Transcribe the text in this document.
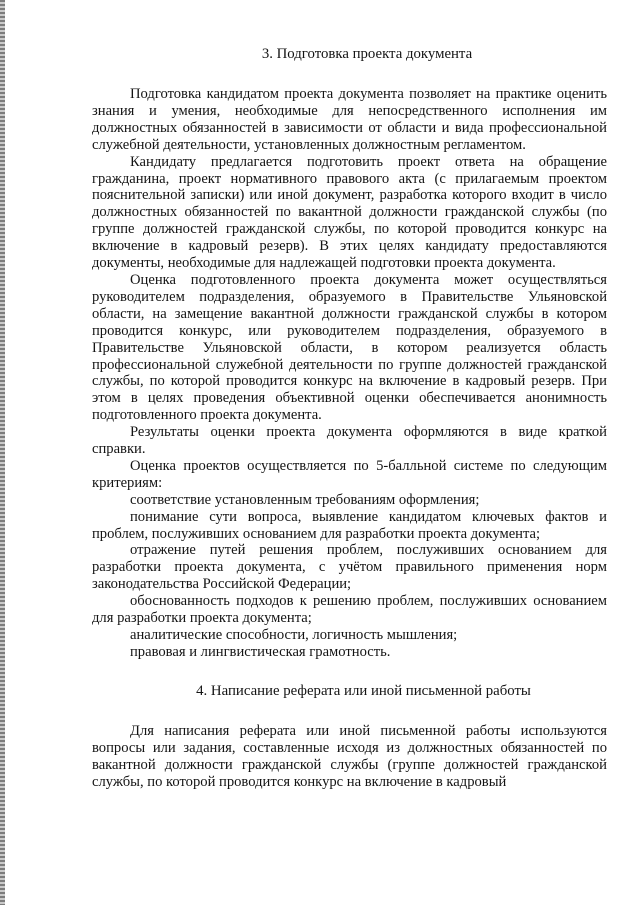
3. Подготовка проекта документа

Подготовка кандидатом проекта документа позволяет на практике оценить знания и умения, необходимые для непосредственного исполнения им должностных обязанностей в зависимости от области и вида профессиональной служебной деятельности, установленных должностным регламентом.

Кандидату предлагается подготовить проект ответа на обращение гражданина, проект нормативного правового акта (с прилагаемым проектом пояснительной записки) или иной документ, разработка которого входит в число должностных обязанностей по вакантной должности гражданской службы (по группе должностей гражданской службы, по которой проводится конкурс на включение в кадровый резерв). В этих целях кандидату предоставляются документы, необходимые для надлежащей подготовки проекта документа.

Оценка подготовленного проекта документа может осуществляться руководителем подразделения, образуемого в Правительстве Ульяновской области, на замещение вакантной должности гражданской службы в котором проводится конкурс, или руководителем подразделения, образуемого в Правительстве Ульяновской области, в котором реализуется область профессиональной служебной деятельности по группе должностей гражданской службы, по которой проводится конкурс на включение в кадровый резерв. При этом в целях проведения объективной оценки обеспечивается анонимность подготовленного проекта документа.

Результаты оценки проекта документа оформляются в виде краткой справки.

Оценка проектов осуществляется по 5-балльной системе по следующим критериям:

соответствие установленным требованиям оформления;

понимание сути вопроса, выявление кандидатом ключевых фактов и проблем, послуживших основанием для разработки проекта документа;

отражение путей решения проблем, послуживших основанием для разработки проекта документа, с учётом правильного применения норм законодательства Российской Федерации;

обоснованность подходов к решению проблем, послуживших основанием для разработки проекта документа;

аналитические способности, логичность мышления;

правовая и лингвистическая грамотность.

4. Написание реферата или иной письменной работы

Для написания реферата или иной письменной работы используются вопросы или задания, составленные исходя из должностных обязанностей по вакантной должности гражданской службы (группе должностей гражданской службы, по которой проводится конкурс на включение в кадровый
